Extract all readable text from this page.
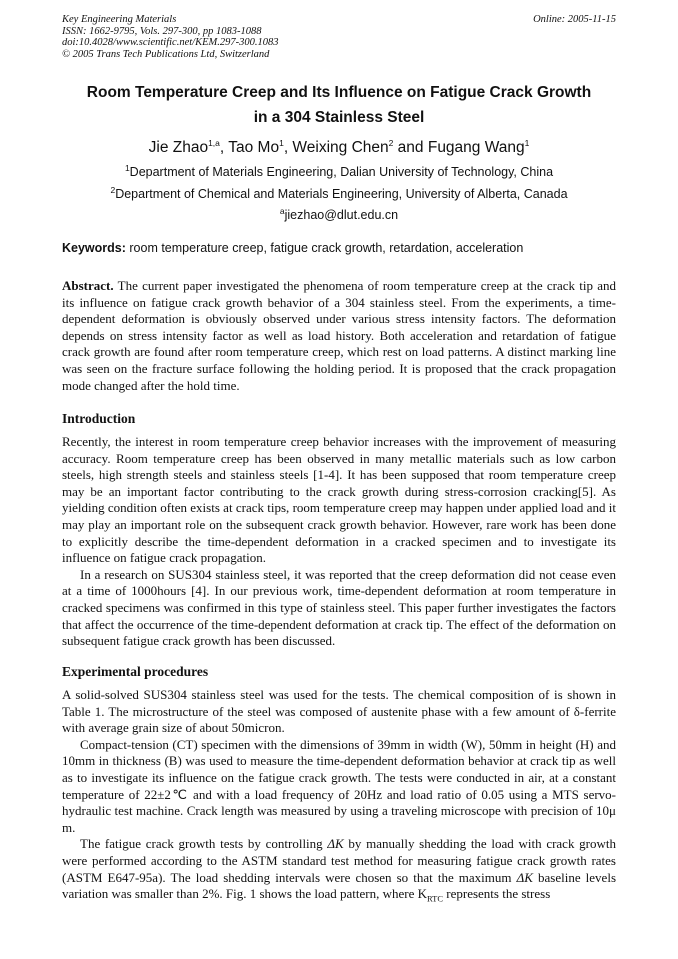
Key Engineering Materials
ISSN: 1662-9795, Vols. 297-300, pp 1083-1088
doi:10.4028/www.scientific.net/KEM.297-300.1083
© 2005 Trans Tech Publications Ltd, Switzerland
Online: 2005-11-15
Room Temperature Creep and Its Influence on Fatigue Crack Growth
in a 304 Stainless Steel
Jie Zhao$^{1,a}$, Tao Mo$^1$, Weixing Chen$^2$ and Fugang Wang$^1$
$^1$Department of Materials Engineering, Dalian University of Technology, China
$^2$Department of Chemical and Materials Engineering, University of Alberta, Canada
$^a$jiezhao@dlut.edu.cn
Keywords: room temperature creep, fatigue crack growth, retardation, acceleration

Abstract. The current paper investigated the phenomena of room temperature creep at the crack tip and its influence on fatigue crack growth behavior of a 304 stainless steel. From the experiments, a time-dependent deformation is obviously observed under various stress intensity factors. The deformation depends on stress intensity factor as well as load history. Both acceleration and retardation of fatigue crack growth are found after room temperature creep, which rest on load patterns. A distinct marking line was seen on the fracture surface following the holding period. It is proposed that the crack propagation mode changed after the hold time.

Introduction

Recently, the interest in room temperature creep behavior increases with the improvement of measuring accuracy. Room temperature creep has been observed in many metallic materials such as low carbon steels, high strength steels and stainless steels [1-4]. It has been supposed that room temperature creep may be an important factor contributing to the crack growth during stress-corrosion cracking[5]. As yielding condition often exists at crack tips, room temperature creep may happen under applied load and it may play an important role on the subsequent crack growth behavior. However, rare work has been done to explicitly describe the time-dependent deformation in a cracked specimen and to investigate its influence on fatigue crack propagation.

In a research on SUS304 stainless steel, it was reported that the creep deformation did not cease even at a time of 1000hours [4]. In our previous work, time-dependent deformation at room temperature in cracked specimens was confirmed in this type of stainless steel. This paper further investigates the factors that affect the occurrence of the time-dependent deformation at crack tip. The effect of the deformation on subsequent fatigue crack growth has been discussed.

Experimental procedures

A solid-solved SUS304 stainless steel was used for the tests. The chemical composition of is shown in Table 1. The microstructure of the steel was composed of austenite phase with a few amount of δ-ferrite with average grain size of about 50micron.

Compact-tension (CT) specimen with the dimensions of 39mm in width (W), 50mm in height (H) and 10mm in thickness (B) was used to measure the time-dependent deformation behavior at crack tip as well as to investigate its influence on the fatigue crack growth. The tests were conducted in air, at a constant temperature of 22±2℃ and with a load frequency of 20Hz and load ratio of 0.05 using a MTS servo-hydraulic test machine. Crack length was measured by using a traveling microscope with precision of 10μ m.

The fatigue crack growth tests by controlling ΔK by manually shedding the load with crack growth were performed according to the ASTM standard test method for measuring fatigue crack growth rates (ASTM E647-95a). The load shedding intervals were chosen so that the maximum ΔK baseline levels variation was smaller than 2%. Fig. 1 shows the load pattern, where $K_{RTC}$ represents the stress
